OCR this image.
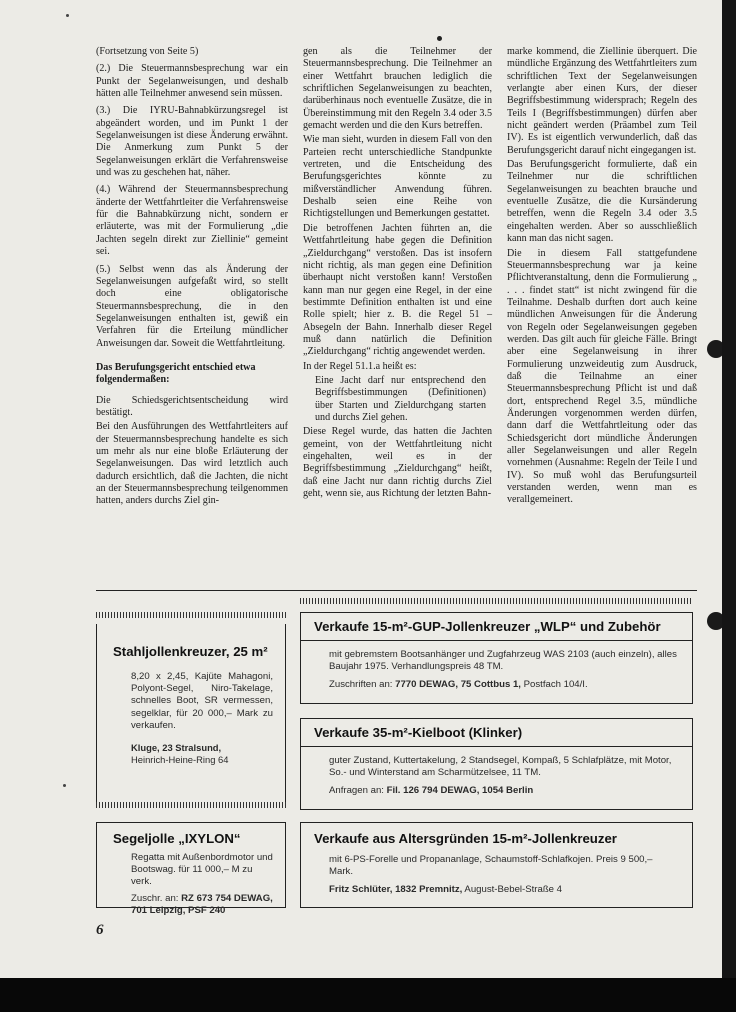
(Fortsetzung von Seite 5)

(2.) Die Steuermannsbesprechung war ein Punkt der Segelanweisungen, und deshalb hätten alle Teilnehmer anwesend sein müssen.

(3.) Die IYRU-Bahnabkürzungsregel ist abgeändert worden, und im Punkt 1 der Segelanweisungen ist diese Änderung erwähnt. Die Anmerkung zum Punkt 5 der Segelanweisungen erklärt die Verfahrensweise und was zu geschehen hat, näher.

(4.) Während der Steuermannsbesprechung änderte der Wettfahrtleiter die Verfahrensweise für die Bahnabkürzung nicht, sondern er erläuterte, was mit der Formulierung „die Jachten segeln direkt zur Ziellinie“ gemeint sei.

(5.) Selbst wenn das als Änderung der Segelanweisungen aufgefaßt wird, so stellt doch eine obligatorische Steuermannsbesprechung, die in den Segelanweisungen enthalten ist, gewiß ein Verfahren für die Erteilung mündlicher Anweisungen dar. Soweit die Wettfahrtleitung.

Das Berufungsgericht entschied etwa folgendermaßen:

Die Schiedsgerichtsentscheidung wird bestätigt.

Bei den Ausführungen des Wettfahrtleiters auf der Steuermannsbesprechung handelte es sich um mehr als nur eine bloße Erläuterung der Segelanweisungen. Das wird letztlich auch dadurch ersichtlich, daß die Jachten, die nicht an der Steuermannsbesprechung teilgenommen hatten, anders durchs Ziel gin-

gen als die Teilnehmer der Steuermannsbesprechung. Die Teilnehmer an einer Wettfahrt brauchen lediglich die schriftlichen Segelanweisungen zu beachten, darüberhinaus noch eventuelle Zusätze, die in Übereinstimmung mit den Regeln 3.4 oder 3.5 gemacht werden und die den Kurs betreffen.

Wie man sieht, wurden in diesem Fall von den Parteien recht unterschiedliche Standpunkte vertreten, und die Entscheidung des Berufungsgerichtes könnte zu mißverständlicher Anwendung führen. Deshalb seien eine Reihe von Richtigstellungen und Bemerkungen gestattet.

Die betroffenen Jachten führten an, die Wettfahrtleitung habe gegen die Definition „Zieldurchgang“ verstoßen. Das ist insofern nicht richtig, als man gegen eine Definition überhaupt nicht verstoßen kann! Verstoßen kann man nur gegen eine Regel, in der eine bestimmte Definition enthalten ist und eine Rolle spielt; hier z. B. die Regel 51 – Absegeln der Bahn. Innerhalb dieser Regel muß dann natürlich die Definition „Zieldurchgang“ richtig angewendet werden.

In der Regel 51.1.a heißt es:

Eine Jacht darf nur entsprechend den Begriffsbestimmungen (Definitionen) über Starten und Zieldurchgang starten und durchs Ziel gehen.

Diese Regel wurde, das hatten die Jachten gemeint, von der Wettfahrtleitung nicht eingehalten, weil es in der Begriffsbestimmung „Zieldurchgang“ heißt, daß eine Jacht nur dann richtig durchs Ziel geht, wenn sie, aus Richtung der letzten Bahn-

marke kommend, die Ziellinie überquert. Die mündliche Ergänzung des Wettfahrtleiters zum schriftlichen Text der Segelanweisungen verlangte aber einen Kurs, der dieser Begriffsbestimmung widersprach; Regeln des Teils I (Begriffsbestimmungen) dürfen aber nicht geändert werden (Präambel zum Teil IV). Es ist eigentlich verwunderlich, daß das Berufungsgericht darauf nicht eingegangen ist.

Das Berufungsgericht formulierte, daß ein Teilnehmer nur die schriftlichen Segelanweisungen zu beachten brauche und eventuelle Zusätze, die die Kursänderung betreffen, wenn die Regeln 3.4 oder 3.5 eingehalten werden. Aber so ausschließlich kann man das nicht sagen.

Die in diesem Fall stattgefundene Steuermannsbesprechung war ja keine Pflichtveranstaltung, denn die Formulierung „ . . . findet statt“ ist nicht zwingend für die Teilnahme. Deshalb durften dort auch keine mündlichen Anweisungen für die Änderung von Regeln oder Segelanweisungen gegeben werden. Das gilt auch für gleiche Fälle. Bringt aber eine Segelanweisung in ihrer Formulierung unzweideutig zum Ausdruck, daß die Teilnahme an einer Steuermannsbesprechung Pflicht ist und daß dort, entsprechend Regel 3.5, mündliche Änderungen vorgenommen werden dürfen, dann darf die Wettfahrtleitung oder das Schiedsgericht dort mündliche Änderungen aller Segelanweisungen und aller Regeln vornehmen (Ausnahme: Regeln der Teile I und IV). So muß wohl das Berufungsurteil verstanden werden, wenn man es verallgemeinert.

Stahljollenkreuzer, 25 m²
8,20 x 2,45, Kajüte Mahagoni, Polyont-Segel, Niro-Takelage, schnelles Boot, SR vermessen, segelklar, für 20 000,– Mark zu verkaufen.
Kluge, 23 Stralsund,
Heinrich-Heine-Ring 64
Segeljolle „IXYLON“
Regatta mit Außenbordmotor und Bootswag. für 11 000,– M zu verk.
Zuschr. an: RZ 673 754 DEWAG, 701 Leipzig, PSF 240
Verkaufe 15-m²-GUP-Jollenkreuzer „WLP“ und Zubehör
mit gebremstem Bootsanhänger und Zugfahrzeug WAS 2103 (auch einzeln), alles Baujahr 1975. Verhandlungspreis 48 TM.
Zuschriften an: 7770 DEWAG, 75 Cottbus 1, Postfach 104/I.
Verkaufe 35-m²-Kielboot (Klinker)
guter Zustand, Kuttertakelung, 2 Standsegel, Kompaß, 5 Schlafplätze, mit Motor, So.- und Winterstand am Scharmützelsee, 11 TM.
Anfragen an: Fil. 126 794 DEWAG, 1054 Berlin
Verkaufe aus Altersgründen 15-m²-Jollenkreuzer
mit 6-PS-Forelle und Propananlage, Schaumstoff-Schlafkojen. Preis 9 500,– Mark.
Fritz Schlüter, 1832 Premnitz, August-Bebel-Straße 4
6
